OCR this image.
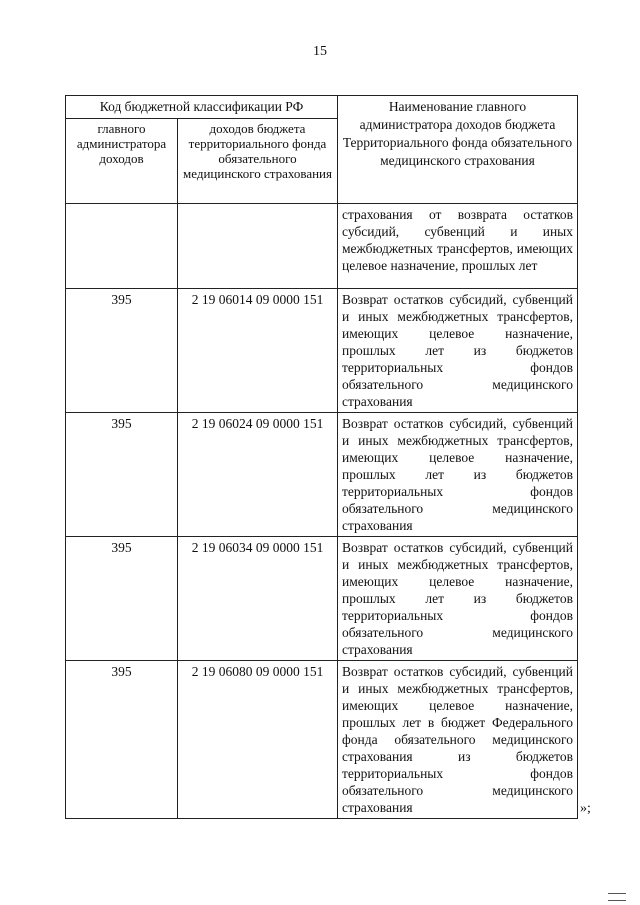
15
Код бюджетной классификации РФ		Наименование главного администратора доходов бюджета Территориального фонда обязательного медицинского страхования
главного администратора доходов	доходов бюджета территориального фонда обязательного медицинского страхования	
		страхования от возврата остатков субсидий, субвенций и иных межбюджетных трансфертов, имеющих целевое назначение, прошлых лет
395	2 19 06014 09 0000 151	Возврат остатков субсидий, субвенций и иных межбюджетных трансфертов, имеющих целевое назначение, прошлых лет из бюджетов территориальных фондов обязательного медицинского страхования
395	2 19 06024 09 0000 151	Возврат остатков субсидий, субвенций и иных межбюджетных трансфертов, имеющих целевое назначение, прошлых лет из бюджетов территориальных фондов обязательного медицинского страхования
395	2 19 06034 09 0000 151	Возврат остатков субсидий, субвенций и иных межбюджетных трансфертов, имеющих целевое назначение, прошлых лет из бюджетов территориальных фондов обязательного медицинского страхования
395	2 19 06080 09 0000 151	Возврат остатков субсидий, субвенций и иных межбюджетных трансфертов, имеющих целевое назначение, прошлых лет в бюджет Федерального фонда обязательного медицинского страхования из бюджетов территориальных фондов обязательного медицинского страхования	»;
